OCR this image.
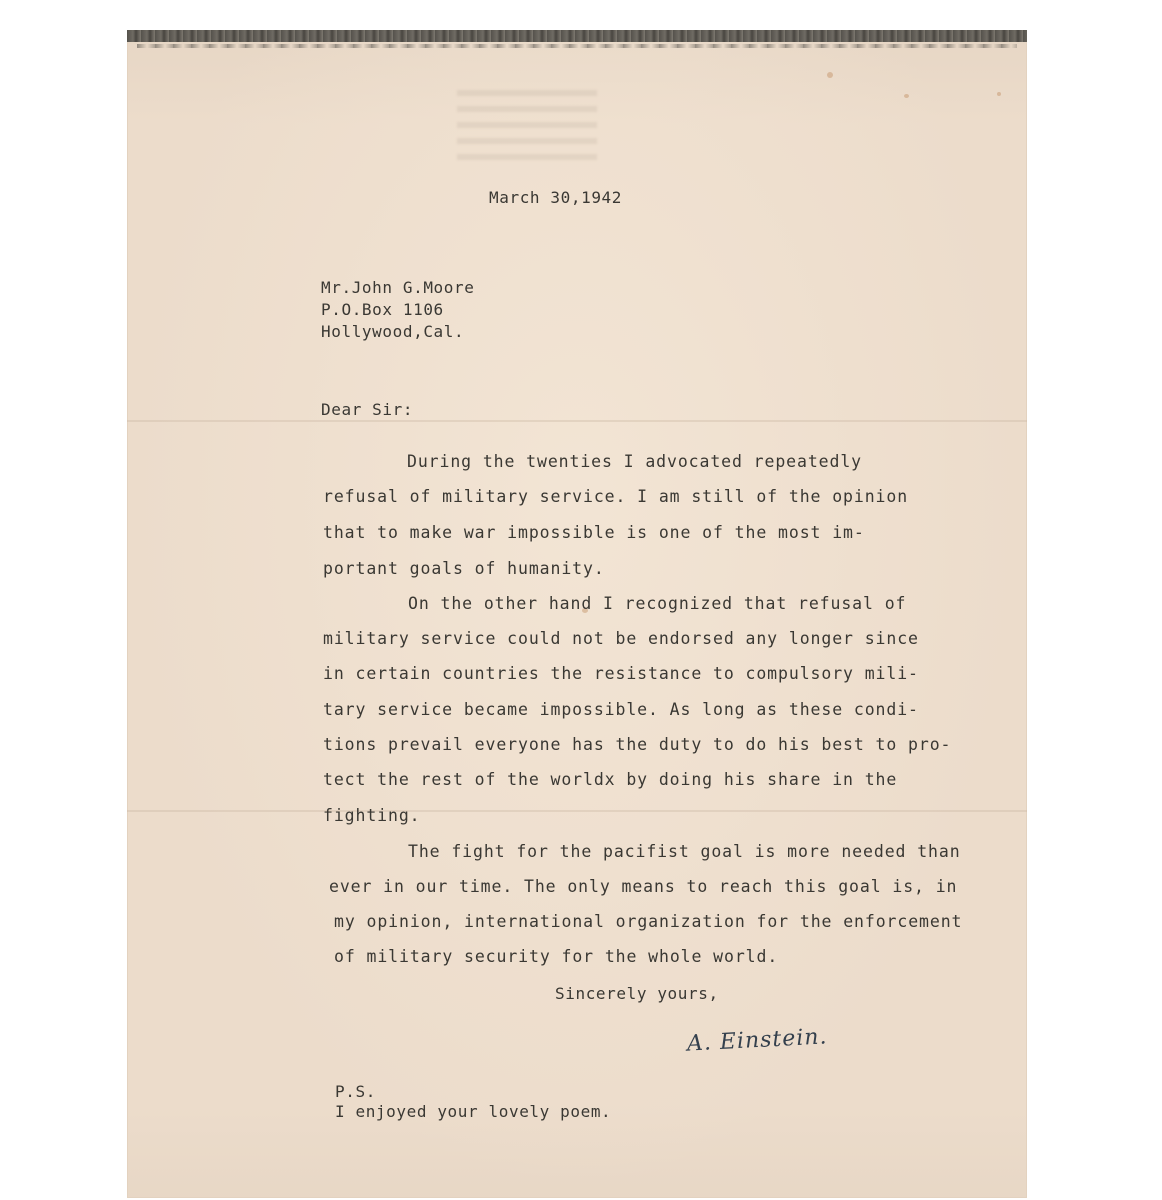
March 30,1942

Mr.John G.Moore

P.O.Box 1106

Hollywood,Cal.

Dear Sir:

During the twenties I advocated repeatedly

refusal of military service. I am still of the opinion

that to make war impossible is one of the most im-

portant goals of humanity.

On the other hand I recognized that refusal of

military service could not be endorsed any longer since

in certain countries the resistance to compulsory mili-

tary service became impossible. As long as these condi-

tions prevail everyone has the duty to do his best to pro-

tect the rest of the worldx by doing his share in the

fighting.

The fight for the pacifist goal is more needed than

ever in our time. The only means to reach this goal is, in

my opinion, international organization for the enforcement

of military security for the whole world.

Sincerely yours,

A. Einstein.

P.S.

I enjoyed your lovely poem.
